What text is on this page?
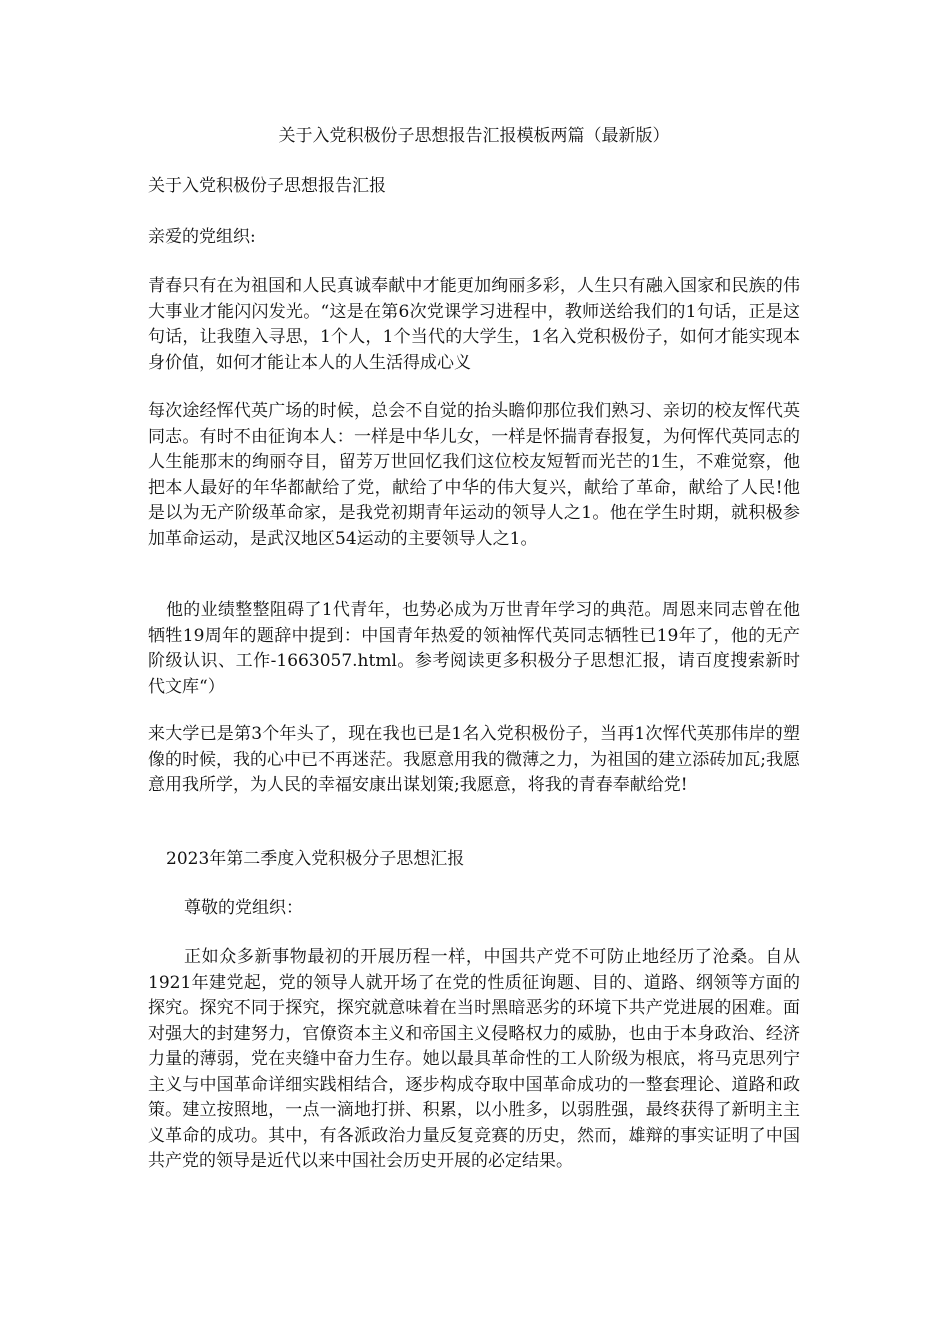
关于入党积极份子思想报告汇报模板两篇（最新版）

关于入党积极份子思想报告汇报

亲爱的党组织:

青春只有在为祖国和人民真诚奉献中才能更加绚丽多彩，人生只有融入国家和民族的伟大事业才能闪闪发光。“这是在第6次党课学习进程中，教师送给我们的1句话，正是这句话，让我堕入寻思，1个人，1个当代的大学生，1名入党积极份子，如何才能实现本身价值，如何才能让本人的人生活得成心义

每次途经恽代英广场的时候，总会不自觉的抬头瞻仰那位我们熟习、亲切的校友恽代英同志。有时不由征询本人：一样是中华儿女，一样是怀揣青春报复，为何恽代英同志的人生能那末的绚丽夺目，留芳万世回忆我们这位校友短暂而光芒的1生，不难觉察，他把本人最好的年华都献给了党，献给了中华的伟大复兴，献给了革命，献给了人民!他是以为无产阶级革命家，是我党初期青年运动的领导人之1。他在学生时期，就积极参加革命运动，是武汉地区54运动的主要领导人之1。

他的业绩整整阻碍了1代青年，也势必成为万世青年学习的典范。周恩来同志曾在他牺牲19周年的题辞中提到：中国青年热爱的领袖恽代英同志牺牲已19年了，他的无产阶级认识、工作-1663057.html。参考阅读更多积极分子思想汇报，请百度搜索新时代文库“）

来大学已是第3个年头了，现在我也已是1名入党积极份子，当再1次恽代英那伟岸的塑像的时候，我的心中已不再迷茫。我愿意用我的微薄之力，为祖国的建立添砖加瓦;我愿意用我所学，为人民的幸福安康出谋划策;我愿意，将我的青春奉献给党!

2023年第二季度入党积极分子思想汇报

尊敬的党组织：

正如众多新事物最初的开展历程一样，中国共产党不可防止地经历了沧桑。自从1921年建党起，党的领导人就开场了在党的性质征询题、目的、道路、纲领等方面的探究。探究不同于探究，探究就意味着在当时黑暗恶劣的环境下共产党进展的困难。面对强大的封建努力，官僚资本主义和帝国主义侵略权力的威胁，也由于本身政治、经济力量的薄弱，党在夹缝中奋力生存。她以最具革命性的工人阶级为根底，将马克思列宁主义与中国革命详细实践相结合，逐步构成夺取中国革命成功的一整套理论、道路和政策。建立按照地，一点一滴地打拼、积累，以小胜多，以弱胜强，最终获得了新明主主义革命的成功。其中，有各派政治力量反复竞赛的历史，然而，雄辩的事实证明了中国共产党的领导是近代以来中国社会历史开展的必定结果。
